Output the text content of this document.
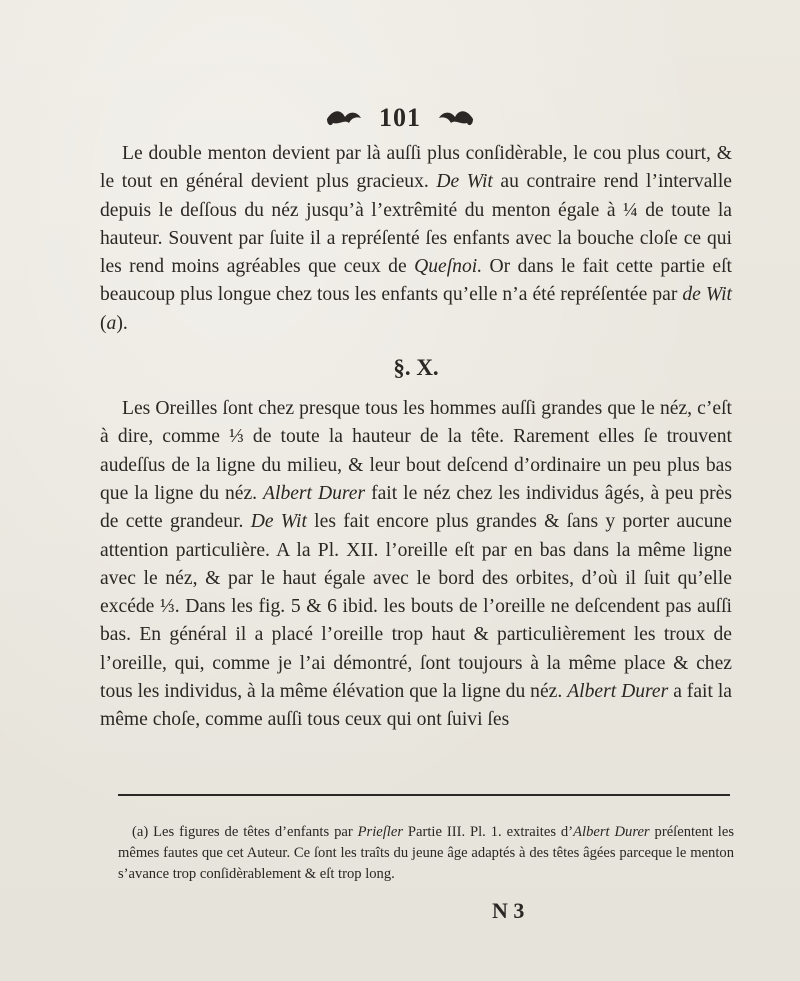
101

Le double menton devient par là auſſi plus conſidèrable, le cou plus court, & le tout en général devient plus gracieux. De Wit au contraire rend l’intervalle depuis le deſſous du néz jusqu’à l’extrêmité du menton égale à ¼ de toute la hauteur. Souvent par ſuite il a repréſenté ſes enfants avec la bouche cloſe ce qui les rend moins agréables que ceux de Queſnoi. Or dans le fait cette partie eſt beaucoup plus longue chez tous les enfants qu’elle n’a été repréſentée par de Wit (a).

§. X.

Les Oreilles ſont chez presque tous les hommes auſſi grandes que le néz, c’eſt à dire, comme ⅓ de toute la hauteur de la tête. Rarement elles ſe trouvent audeſſus de la ligne du milieu, & leur bout deſcend d’ordinaire un peu plus bas que la ligne du néz. Albert Durer fait le néz chez les individus âgés, à peu près de cette grandeur. De Wit les fait encore plus grandes & ſans y porter aucune attention particulière. A la Pl. XII. l’oreille eſt par en bas dans la même ligne avec le néz, & par le haut égale avec le bord des orbites, d’où il ſuit qu’elle excéde ⅓. Dans les fig. 5 & 6 ibid. les bouts de l’oreille ne deſcendent pas auſſi bas. En général il a placé l’oreille trop haut & particulièrement les troux de l’oreille, qui, comme je l’ai démontré, ſont toujours à la même place & chez tous les individus, à la même élévation que la ligne du néz. Albert Durer a fait la même choſe, comme auſſi tous ceux qui ont ſuivi ſes

(a) Les figures de têtes d’enfants par Prieſler Partie III. Pl. 1. extraites d’Albert Durer préſentent les mêmes fautes que cet Auteur. Ce ſont les traîts du jeune âge adaptés à des têtes âgées parceque le menton s’avance trop conſidèrablement & eſt trop long.

N 3
